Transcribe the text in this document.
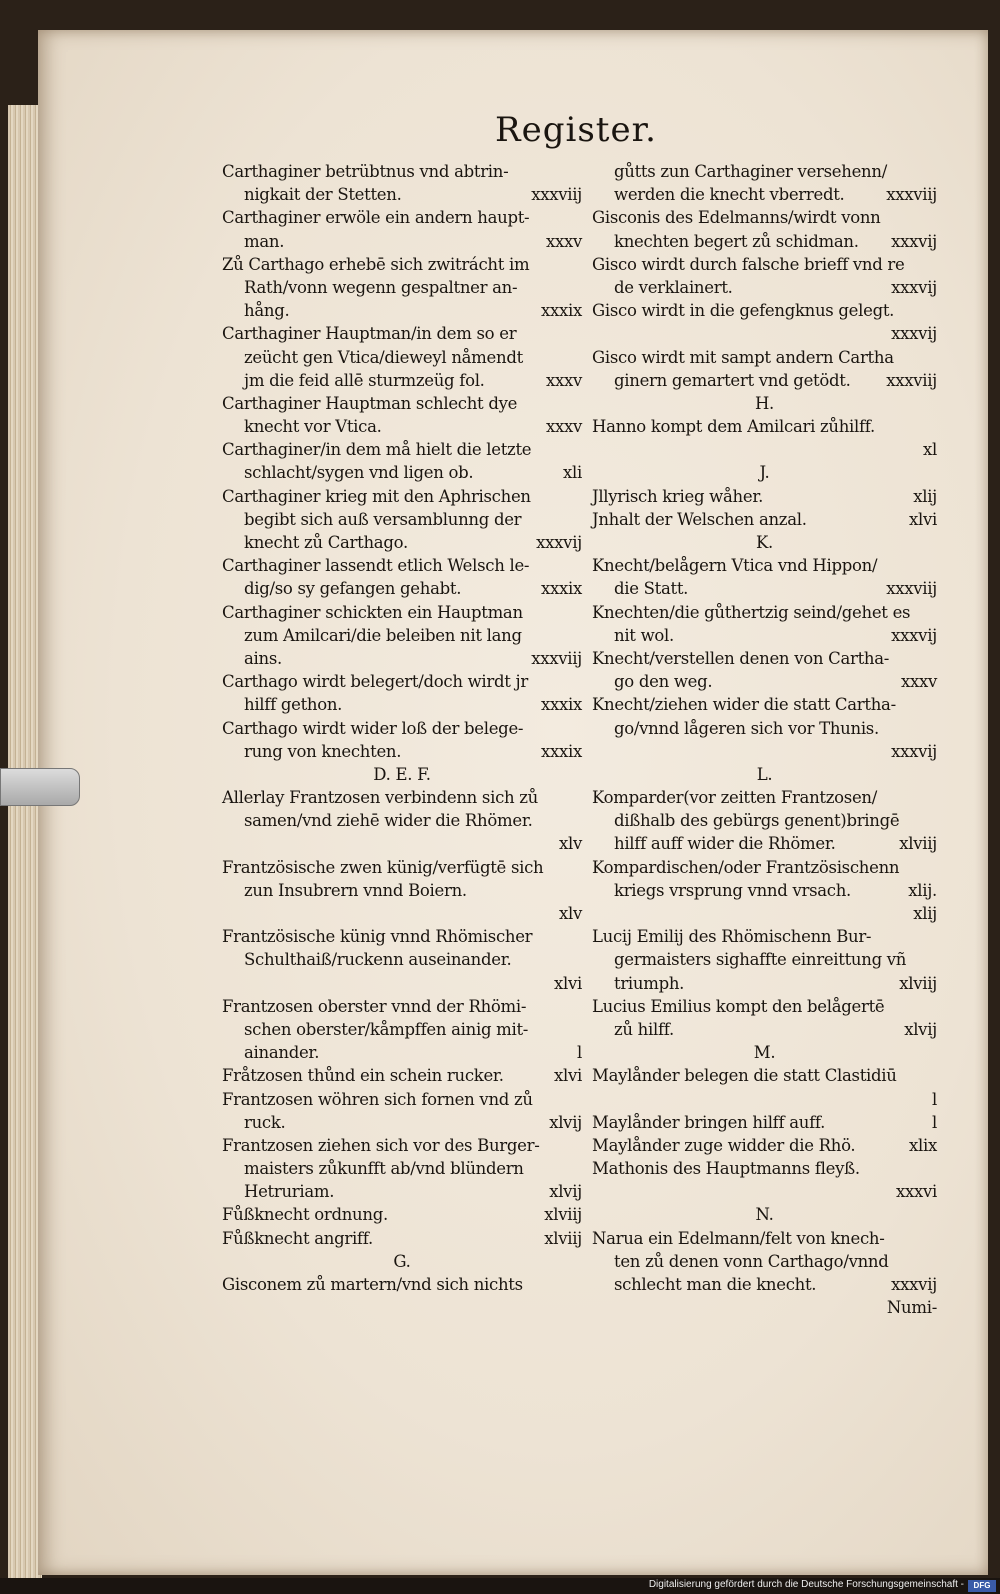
Register.
Carthaginer betrübtnus vnd abtrin-
nigkait der Stetten.	xxxviij
Carthaginer erwöle ein andern haupt-
man.	xxxv
Zů Carthago erhebē sich zwitrácht im
Rath/vonn wegenn gespaltner an-
hång.	xxxix
Carthaginer Hauptman/in dem so er
zeücht gen Vtica/dieweyl nåmendt
jm die feid allē sturmzeüg fol.	xxxv
Carthaginer Hauptman schlecht dye
knecht vor Vtica.	xxxv
Carthaginer/in dem må hielt die letzte
schlacht/sygen vnd ligen ob.	xli
Carthaginer krieg mit den Aphrischen
begibt sich auß versamblunng der
knecht zů Carthago.	xxxvij
Carthaginer lassendt etlich Welsch le-
dig/so sy gefangen gehabt.	xxxix
Carthaginer schickten ein Hauptman
zum Amilcari/die beleiben nit lang
ains.	xxxviij
Carthago wirdt belegert/doch wirdt jr
hilff gethon.	xxxix
Carthago wirdt wider loß der belege-
rung von knechten.	xxxix
D. E. F.
Allerlay Frantzosen verbindenn sich zů
samen/vnd ziehē wider die Rhömer.
xlv
Frantzösische zwen künig/verfügtē sich
zun Insubrern vnnd Boiern.
xlv
Frantzösische künig vnnd Rhömischer
Schulthaiß/ruckenn auseinander.
xlvi
Frantzosen oberster vnnd der Rhömi-
schen oberster/kåmpffen ainig mit-
ainander.	l
Fråtzosen thůnd ein schein rucker.	xlvi
Frantzosen wöhren sich fornen vnd zů
ruck.	xlvij
Frantzosen ziehen sich vor des Burger-
maisters zůkunfft ab/vnd blündern
Hetruriam.	xlvij
Fůßknecht ordnung.	xlviij
Fůßknecht angriff.	xlviij
G.
Gisconem zů martern/vnd sich nichts
gůtts zun Carthaginer versehenn/
werden die knecht vberredt.	xxxviij
Gisconis des Edelmanns/wirdt vonn
knechten begert zů schidman. xxxvij
Gisco wirdt durch falsche brieff vnd re
de verklainert.	xxxvij
Gisco wirdt in die gefengknus gelegt.
xxxvij
Gisco wirdt mit sampt andern Cartha
ginern gemartert vnd getödt. xxxviij
H.
Hanno kompt dem Amilcari zůhilff.
xl
J.
Jllyrisch krieg wåher.	xlij
Jnhalt der Welschen anzal.	xlvi
K.
Knecht/belågern Vtica vnd Hippon/
die Statt.	xxxviij
Knechten/die gůthertzig seind/gehet es
nit wol.	xxxvij
Knecht/verstellen denen von Cartha-
go den weg.	xxxv
Knecht/ziehen wider die statt Cartha-
go/vnnd lågeren sich vor Thunis.
xxxvij
L.
Komparder(vor zeitten Frantzosen/
dißhalb des gebürgs genent)bringē
hilff auff wider die Rhömer.	xlviij
Kompardischen/oder Frantzösischenn
kriegs vrsprung vnnd vrsach.	xlij.
xlij
Lucij Emilij des Rhömischenn Bur-
germaisters sighaffte einreittung vñ
triumph.	xlviij
Lucius Emilius kompt den belågertē
zů hilff.	xlvij
M.
Maylånder belegen die statt Clastidiū
l
Maylånder bringen hilff auff.	l
Maylånder zuge widder die Rhö.	xlix
Mathonis des Hauptmanns fleyß.
xxxvi
N.
Narua ein Edelmann/felt von knech-
ten zů denen vonn Carthago/vnnd
schlecht man die knecht.	xxxvij
Numi-
Digitalisierung gefördert durch die Deutsche Forschungsgemeinschaft -	DFG
